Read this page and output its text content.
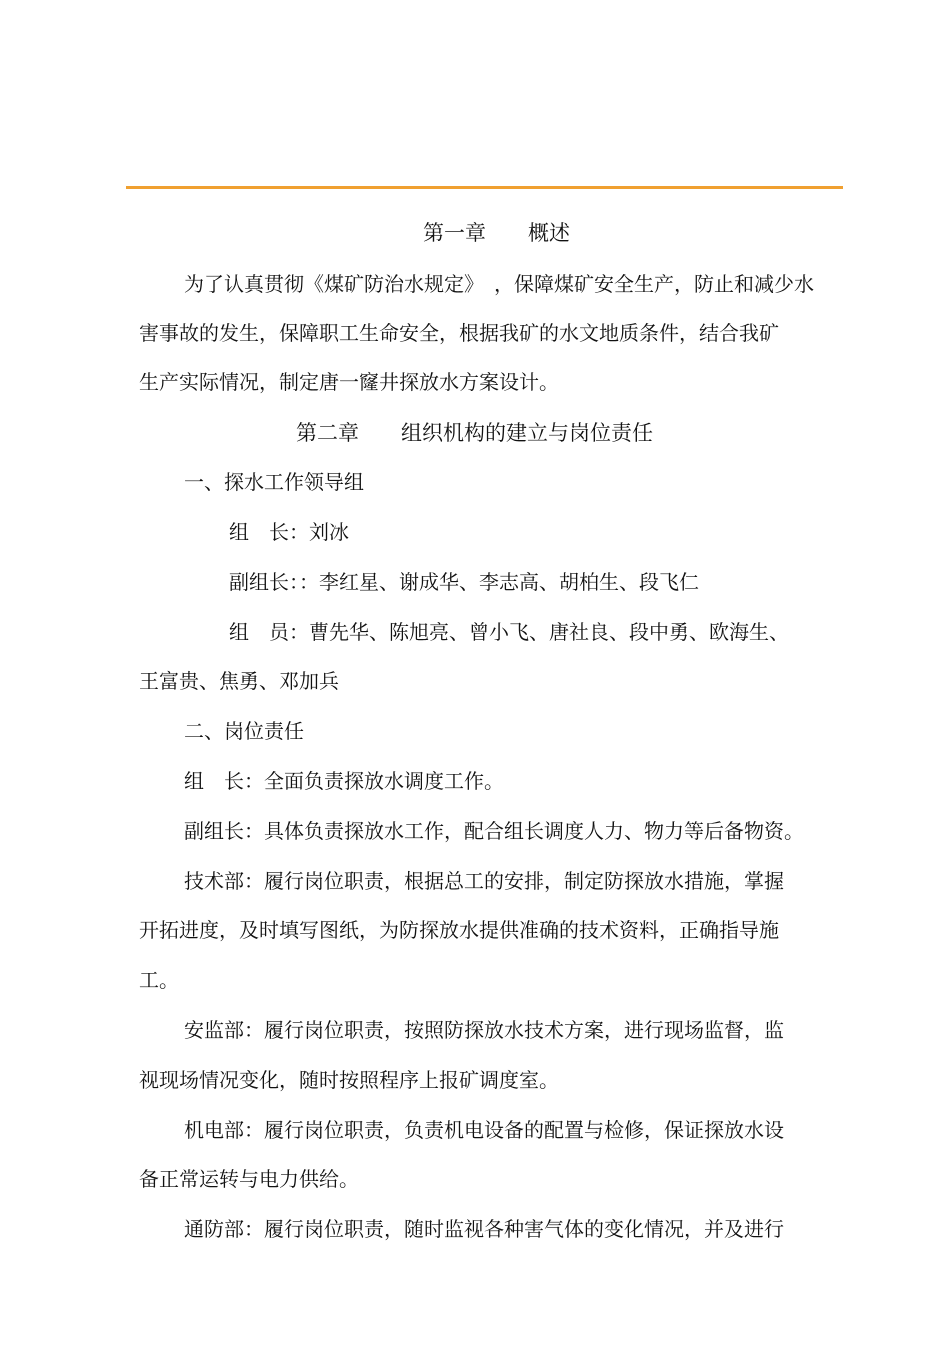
第一章　　概述
为了认真贯彻《煤矿防治水规定》　，保障煤矿安全生产，防止和减少水
害事故的发生，保障职工生命安全，根据我矿的水文地质条件，结合我矿
生产实际情况，制定唐一窿井探放水方案设计。
第二章　　组织机构的建立与岗位责任
一、探水工作领导组
组　长：刘冰
副组长：：李红星、谢成华、李志高、胡柏生、段飞仁
组　员：曹先华、陈旭亮、曾小飞、唐社良、段中勇、欧海生、
王富贵、焦勇、邓加兵
二、岗位责任
组　长：全面负责探放水调度工作。
副组长：具体负责探放水工作，配合组长调度人力、物力等后备物资。
技术部：履行岗位职责，根据总工的安排，制定防探放水措施，掌握
开拓进度，及时填写图纸，为防探放水提供准确的技术资料，正确指导施
工。
安监部：履行岗位职责，按照防探放水技术方案，进行现场监督，监
视现场情况变化，随时按照程序上报矿调度室。
机电部：履行岗位职责，负责机电设备的配置与检修，保证探放水设
备正常运转与电力供给。
通防部：履行岗位职责，随时监视各种害气体的变化情况，并及进行
